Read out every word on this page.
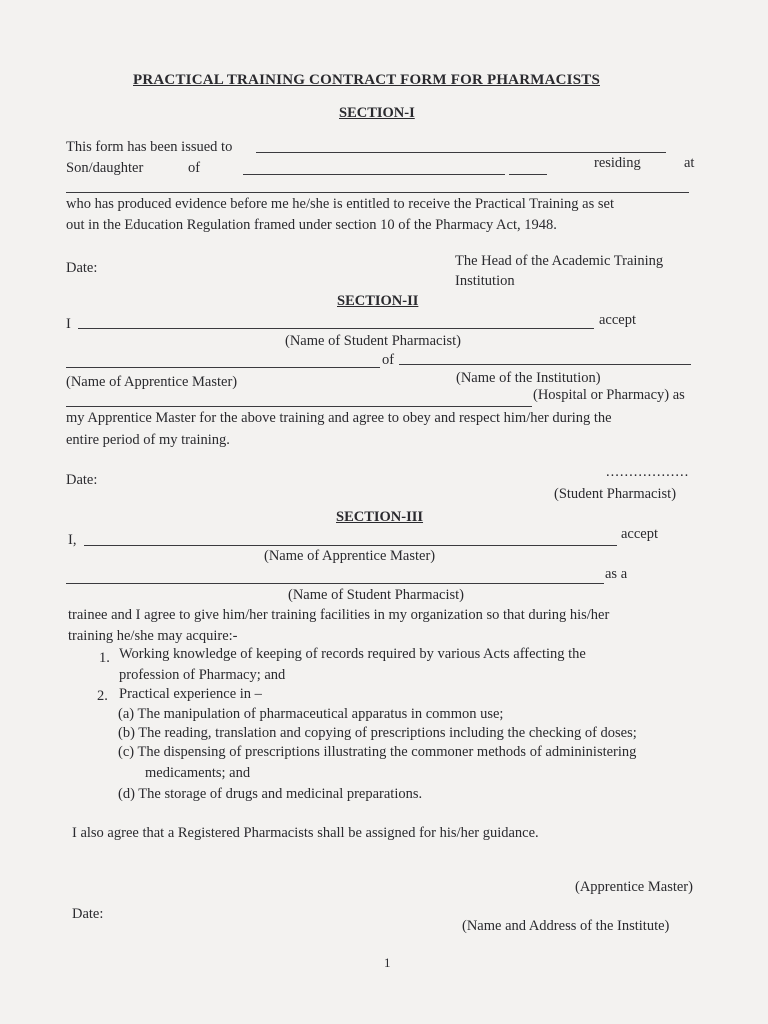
PRACTICAL TRAINING CONTRACT FORM FOR PHARMACISTS
SECTION-I
This form has been issued to
Son/daughter	of	residing	at
who has produced evidence before me he/she is entitled to receive the Practical Training as set
out in the Education Regulation framed under section 10 of the Pharmacy Act, 1948.
Date:	The Head of the Academic Training
Institution
SECTION-II
I	accept
(Name of Student Pharmacist)
of
(Name of Apprentice Master)	(Name of the Institution)
(Hospital or Pharmacy) as
my Apprentice Master for the above training and agree to obey and respect him/her during the
entire period of my training.
Date:	..................
(Student Pharmacist)
SECTION-III
I,	accept
(Name of Apprentice Master)
as a
(Name of Student Pharmacist)
trainee and I agree to give him/her training facilities in my organization so that during his/her
training he/she may acquire:-
1. Working knowledge of keeping of records required by various Acts affecting the
profession of Pharmacy; and
2. Practical experience in –
(a) The manipulation of pharmaceutical apparatus in common use;
(b) The reading, translation and copying of prescriptions including the checking of doses;
(c) The dispensing of prescriptions illustrating the commoner methods of admininistering
medicaments; and
(d) The storage of drugs and medicinal preparations.
I also agree that a Registered Pharmacists shall be assigned for his/her guidance.
(Apprentice Master)
Date:
(Name and Address of the Institute)
1
